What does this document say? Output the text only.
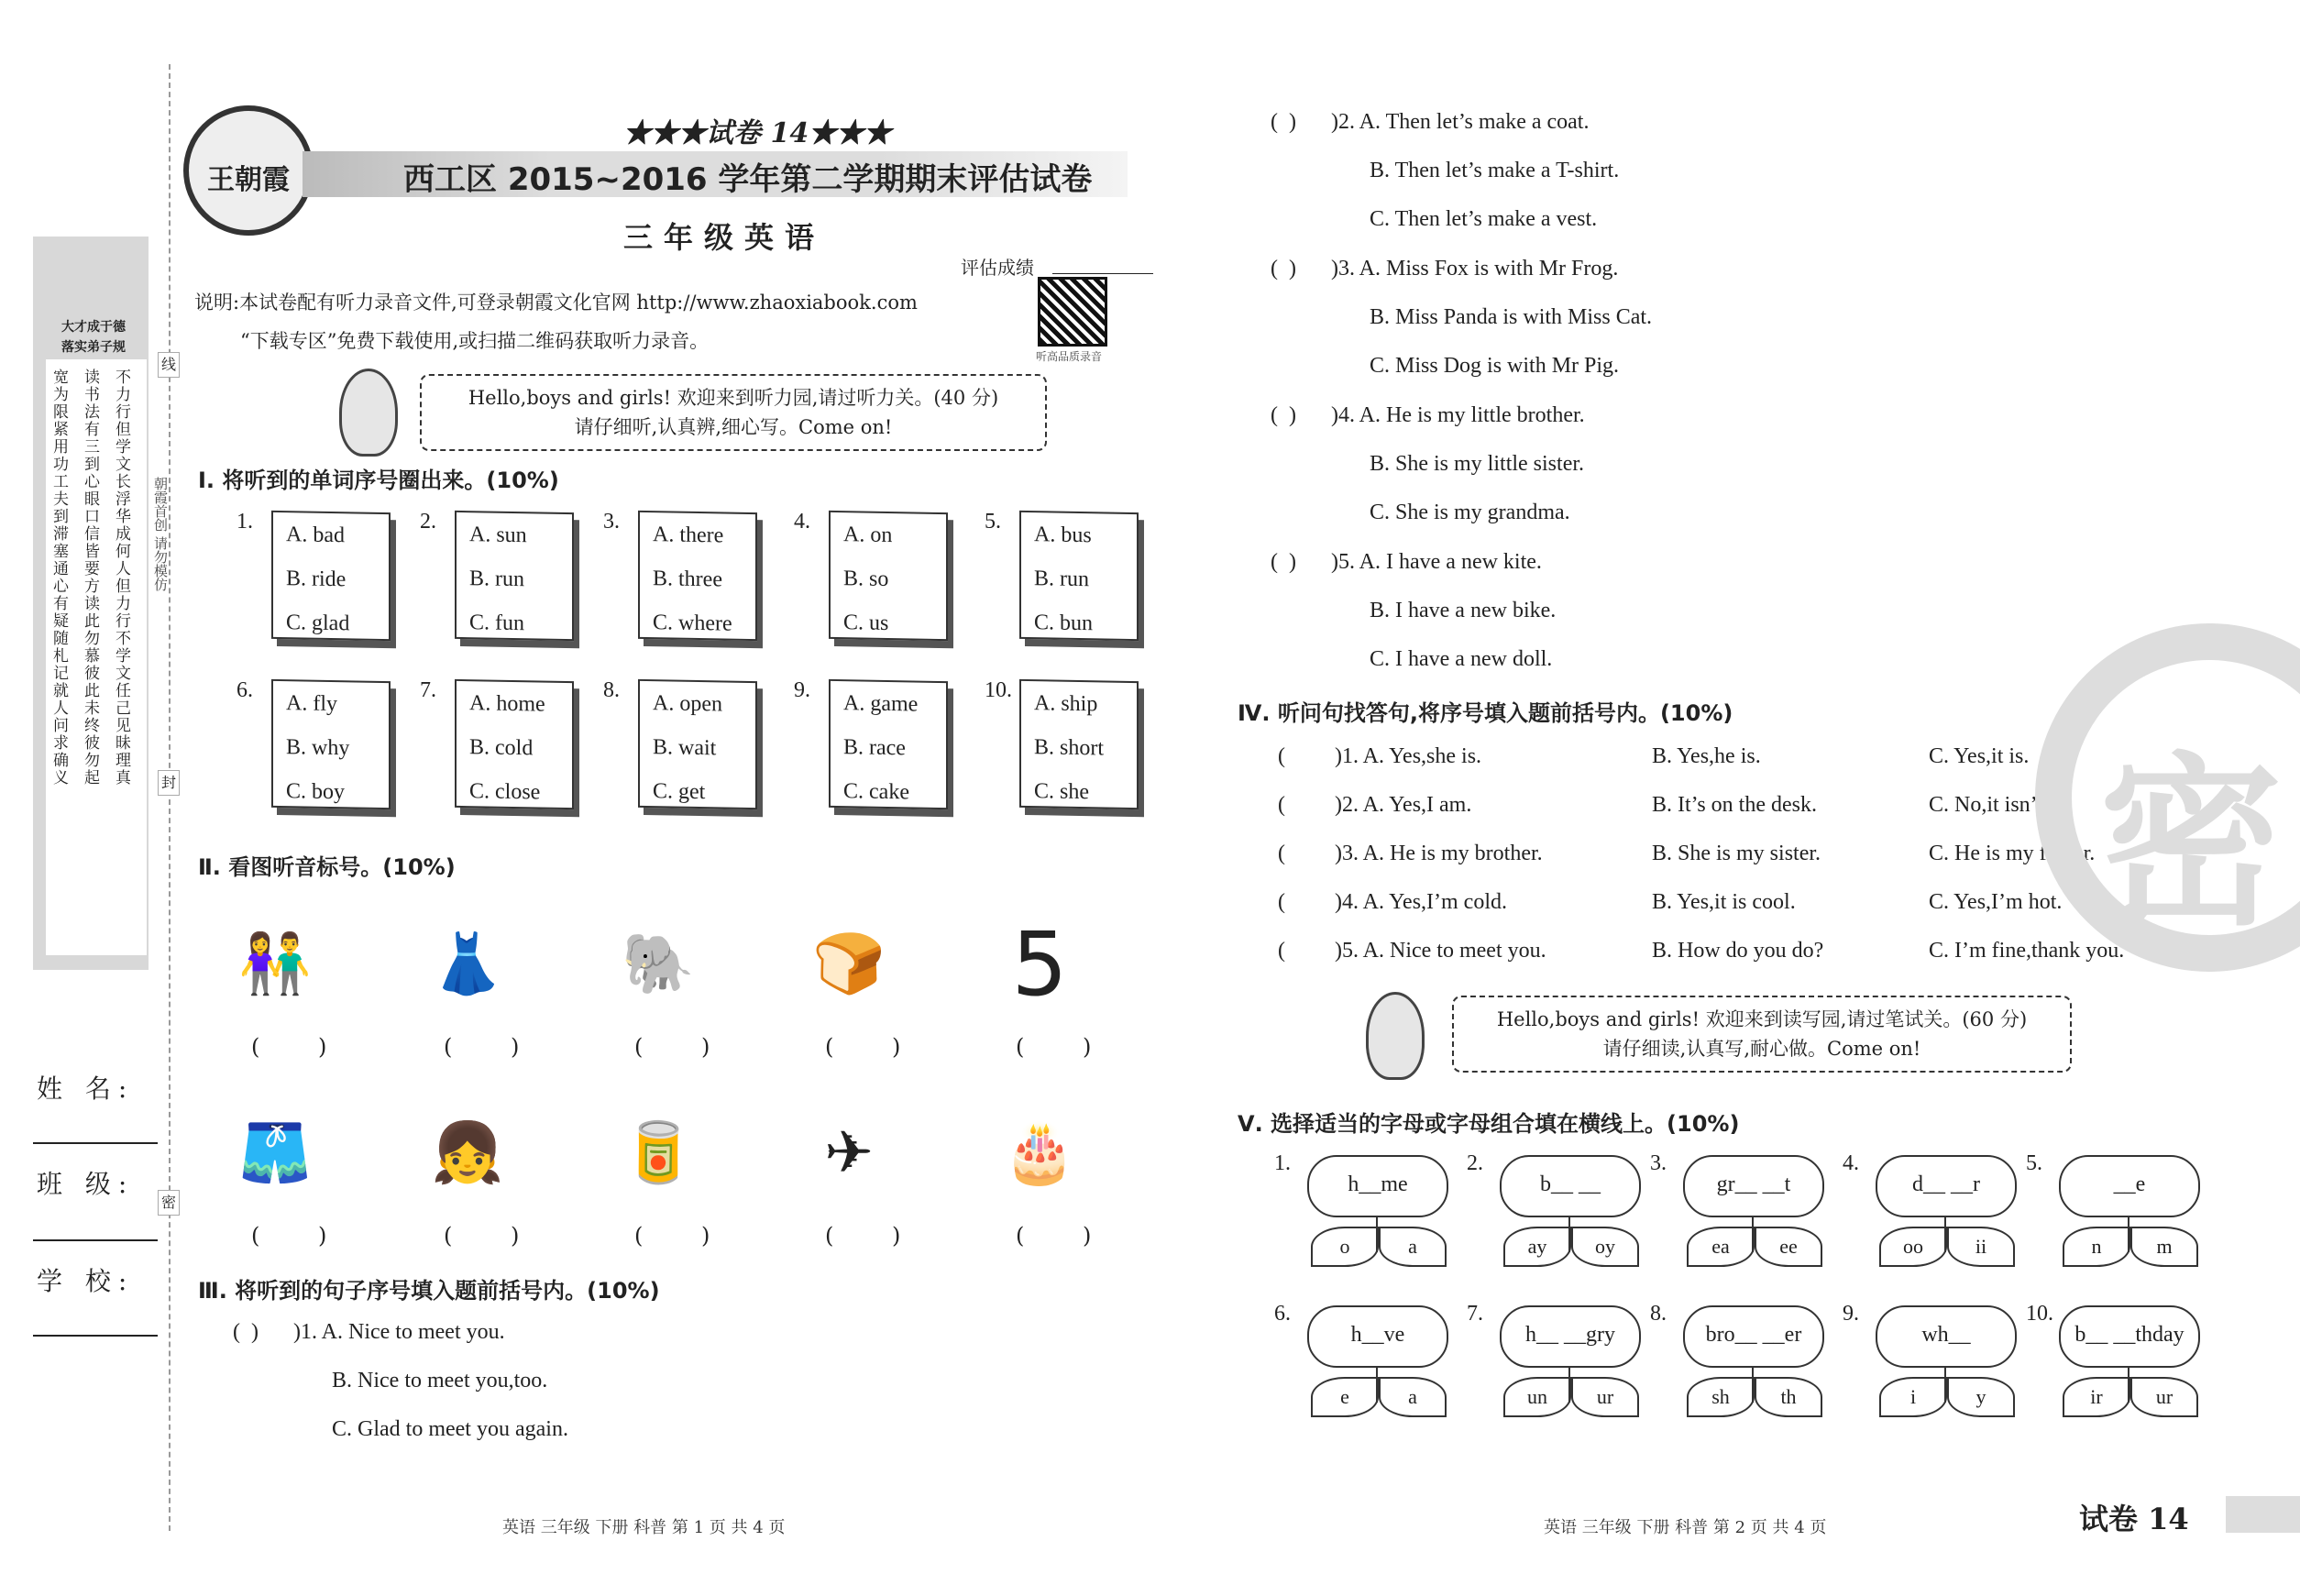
大才成于德
落实弟子规
宽为限紧用功工夫到滞塞通心有疑随札记就人问求确义 读书法有三到心眼口信皆要方读此勿慕彼此未终彼勿起 不力行但学文长浮华成何人但力行不学文任己见昧理真
线
封
密
朝霞首创 请勿模仿
姓 名:
班 级:
学 校:
王朝霞
★★★试卷 14★★★
西工区 2015~2016 学年第二学期期末评估试卷
三年级英语
评估成绩
说明:本试卷配有听力录音文件,可登录朝霞文化官网 http://www.zhaoxiabook.com
“下载专区”免费下载使用,或扫描二维码获取听力录音。
听高品质录音
Hello,boys and girls! 欢迎来到听力园,请过听力关。(40 分)
请仔细听,认真辨,细心写。Come on!
Ⅰ. 将听到的单词序号圈出来。(10%)
1.
A. bad
B. ride
C. glad
2.
A. sun
B. run
C. fun
3.
A. there
B. three
C. where
4.
A. on
B. so
C. us
5.
A. bus
B. run
C. bun
6.
A. fly
B. why
C. boy
7.
A. home
B. cold
C. close
8.
A. open
B. wait
C. get
9.
A. game
B. race
C. cake
10.
A. ship
B. short
C. she
Ⅱ. 看图听音标号。(10%)
👫
( )
👗
( )
🐘
( )
🍞
( )
5
( )
🩳
( )
👧
( )
🥫
( )
✈
( )
🎂
( )
Ⅲ. 将听到的句子序号填入题前括号内。(10%)
(  ) )1. A. Nice to meet you.
B. Nice to meet you,too.
C. Glad to meet you again.
(  ) )2. A. Then let’s make a coat.
B. Then let’s make a T-shirt.
C. Then let’s make a vest.
(  ) )3. A. Miss Fox is with Mr Frog.
B. Miss Panda is with Miss Cat.
C. Miss Dog is with Mr Pig.
(  ) )4. A. He is my little brother.
B. She is my little sister.
C. She is my grandma.
(  ) )5. A. I have a new kite.
B. I have a new bike.
C. I have a new doll.
Ⅳ. 听问句找答句,将序号填入题前括号内。(10%)
( )1. A. Yes,she is.	B. Yes,he is.	C. Yes,it is.
( )2. A. Yes,I am.	B. It’s on the desk.	C. No,it isn’t.
( )3. A. He is my brother.	B. She is my sister.	C. He is my father.
( )4. A. Yes,I’m cold.	B. Yes,it is cool.	C. Yes,I’m hot.
( )5. A. Nice to meet you.	B. How do you do?	C. I’m fine,thank you.
Hello,boys and girls! 欢迎来到读写园,请过笔试关。(60 分)
请仔细读,认真写,耐心做。Come on!
Ⅴ. 选择适当的字母或字母组合填在横线上。(10%)
1.
h__me
o	a
2.
b__ __
ay	oy
3.
gr__ __t
ea	ee
4.
d__ __r
oo	ii
5.
__e
n	m
6.
h__ve
e	a
7.
h__ __gry
un	ur
8.
bro__ __er
sh	th
9.
wh__
i	y
10.
b__ __thday
ir	ur
密
英语 三年级 下册 科普 第 1 页 共 4 页	英语 三年级 下册 科普 第 2 页 共 4 页	试卷 14
